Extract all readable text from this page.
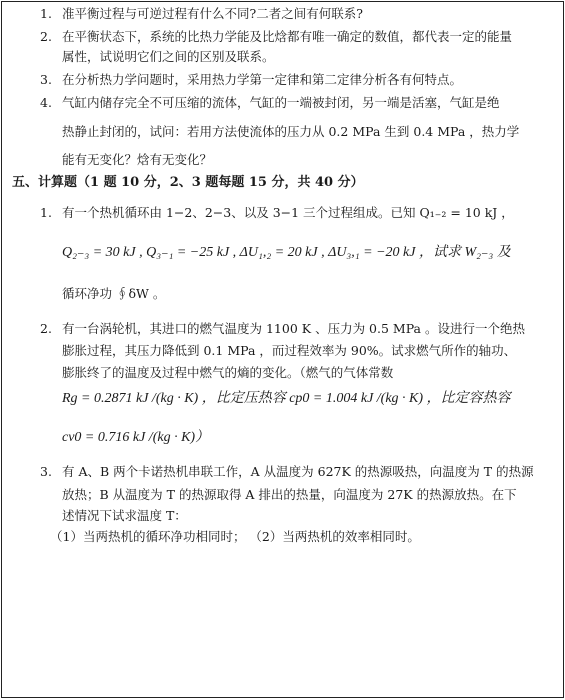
1. 准平衡过程与可逆过程有什么不同?二者之间有何联系?
2. 在平衡状态下，系统的比热力学能及比焓都有唯一确定的数值，都代表一定的能量
属性，试说明它们之间的区别及联系。
3. 在分析热力学问题时，采用热力学第一定律和第二定律分析各有何特点。
4. 气缸内储存完全不可压缩的流体，气缸的一端被封闭，另一端是活塞，气缸是绝
热静止封闭的，试问：若用方法使流体的压力从 0.2 MPa 生到 0.4 MPa ，热力学
能有无变化？焓有无变化？
五、计算题（1 题 10 分，2、3 题每题 15 分，共 40 分）
1. 有一个热机循环由 1−2、2−3、以及 3−1 三个过程组成。已知 Q₁₋₂ = 10 kJ ，
Q₂₋₃ = 30 kJ , Q₃₋₁ = −25 kJ , ΔU₁,₂ = 20 kJ , ΔU₃,₁ = −20 kJ ，试求 W₂₋₃ 及
循环净功 ∮δW 。
2. 有一台涡轮机，其进口的燃气温度为 1100 K 、压力为 0.5 MPa 。设进行一个绝热
膨胀过程，其压力降低到 0.1 MPa ，而过程效率为 90%。试求燃气所作的轴功、
膨胀终了的温度及过程中燃气的熵的变化。（燃气的气体常数
Rg = 0.2871 kJ /(kg · K) ，比定压热容 cp0 = 1.004 kJ /(kg · K) ，比定容热容
cv0 = 0.716 kJ /(kg · K)）
3. 有 A、B 两个卡诺热机串联工作，A 从温度为 627K 的热源吸热，向温度为 T 的热源
放热；B 从温度为 T 的热源取得 A 排出的热量，向温度为 27K 的热源放热。在下
述情况下试求温度 T：
（1）当两热机的循环净功相同时； （2）当两热机的效率相同时。
